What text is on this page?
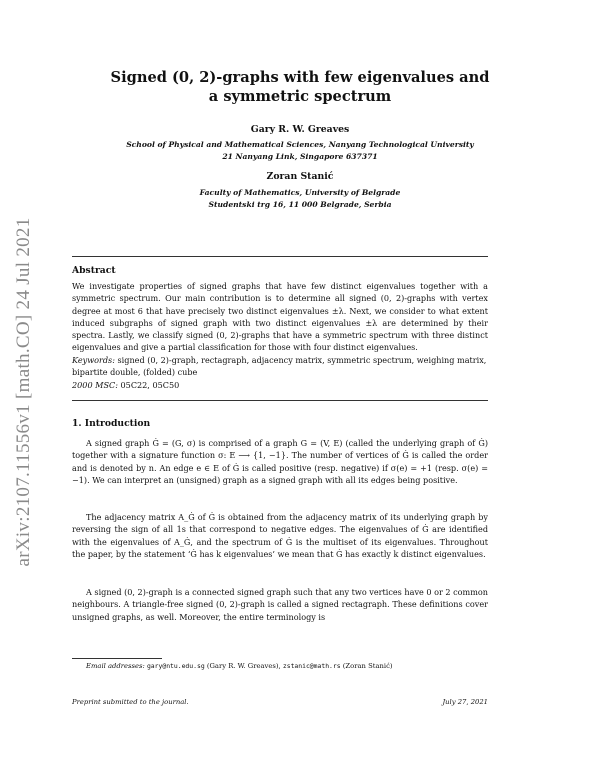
arXiv:2107.11556v1 [math.CO] 24 Jul 2021
Signed (0, 2)-graphs with few eigenvalues and
a symmetric spectrum
Gary R. W. Greaves
School of Physical and Mathematical Sciences, Nanyang Technological University
21 Nanyang Link, Singapore 637371
Zoran Stanić
Faculty of Mathematics, University of Belgrade
Studentski trg 16, 11 000 Belgrade, Serbia
Abstract
We investigate properties of signed graphs that have few distinct eigenvalues together with a symmetric spectrum. Our main contribution is to determine all signed (0, 2)-graphs with vertex degree at most 6 that have precisely two distinct eigenvalues ±λ. Next, we consider to what extent induced subgraphs of signed graph with two distinct eigenvalues ±λ are determined by their spectra. Lastly, we classify signed (0, 2)-graphs that have a symmetric spectrum with three distinct eigenvalues and give a partial classification for those with four distinct eigenvalues.
Keywords: signed (0, 2)-graph, rectagraph, adjacency matrix, symmetric spectrum, weighing matrix, bipartite double, (folded) cube
2000 MSC: 05C22, 05C50
1. Introduction
A signed graph Ġ = (G, σ) is comprised of a graph G = (V, E) (called the underlying graph of Ġ) together with a signature function σ: E ⟶ {1, −1}. The number of vertices of Ġ is called the order and is denoted by n. An edge e ∈ E of Ġ is called positive (resp. negative) if σ(e) = +1 (resp. σ(e) = −1). We can interpret an (unsigned) graph as a signed graph with all its edges being positive.
The adjacency matrix A_Ġ of Ġ is obtained from the adjacency matrix of its underlying graph by reversing the sign of all 1s that correspond to negative edges. The eigenvalues of Ġ are identified with the eigenvalues of A_Ġ, and the spectrum of Ġ is the multiset of its eigenvalues. Throughout the paper, by the statement ‘Ġ has k eigenvalues’ we mean that Ġ has exactly k distinct eigenvalues.
A signed (0, 2)-graph is a connected signed graph such that any two vertices have 0 or 2 common neighbours. A triangle-free signed (0, 2)-graph is called a signed rectagraph. These definitions cover unsigned graphs, as well. Moreover, the entire terminology is
Email addresses: gary@ntu.edu.sg (Gary R. W. Greaves), zstanic@math.rs (Zoran Stanić)
Preprint submitted to the journal.	July 27, 2021
